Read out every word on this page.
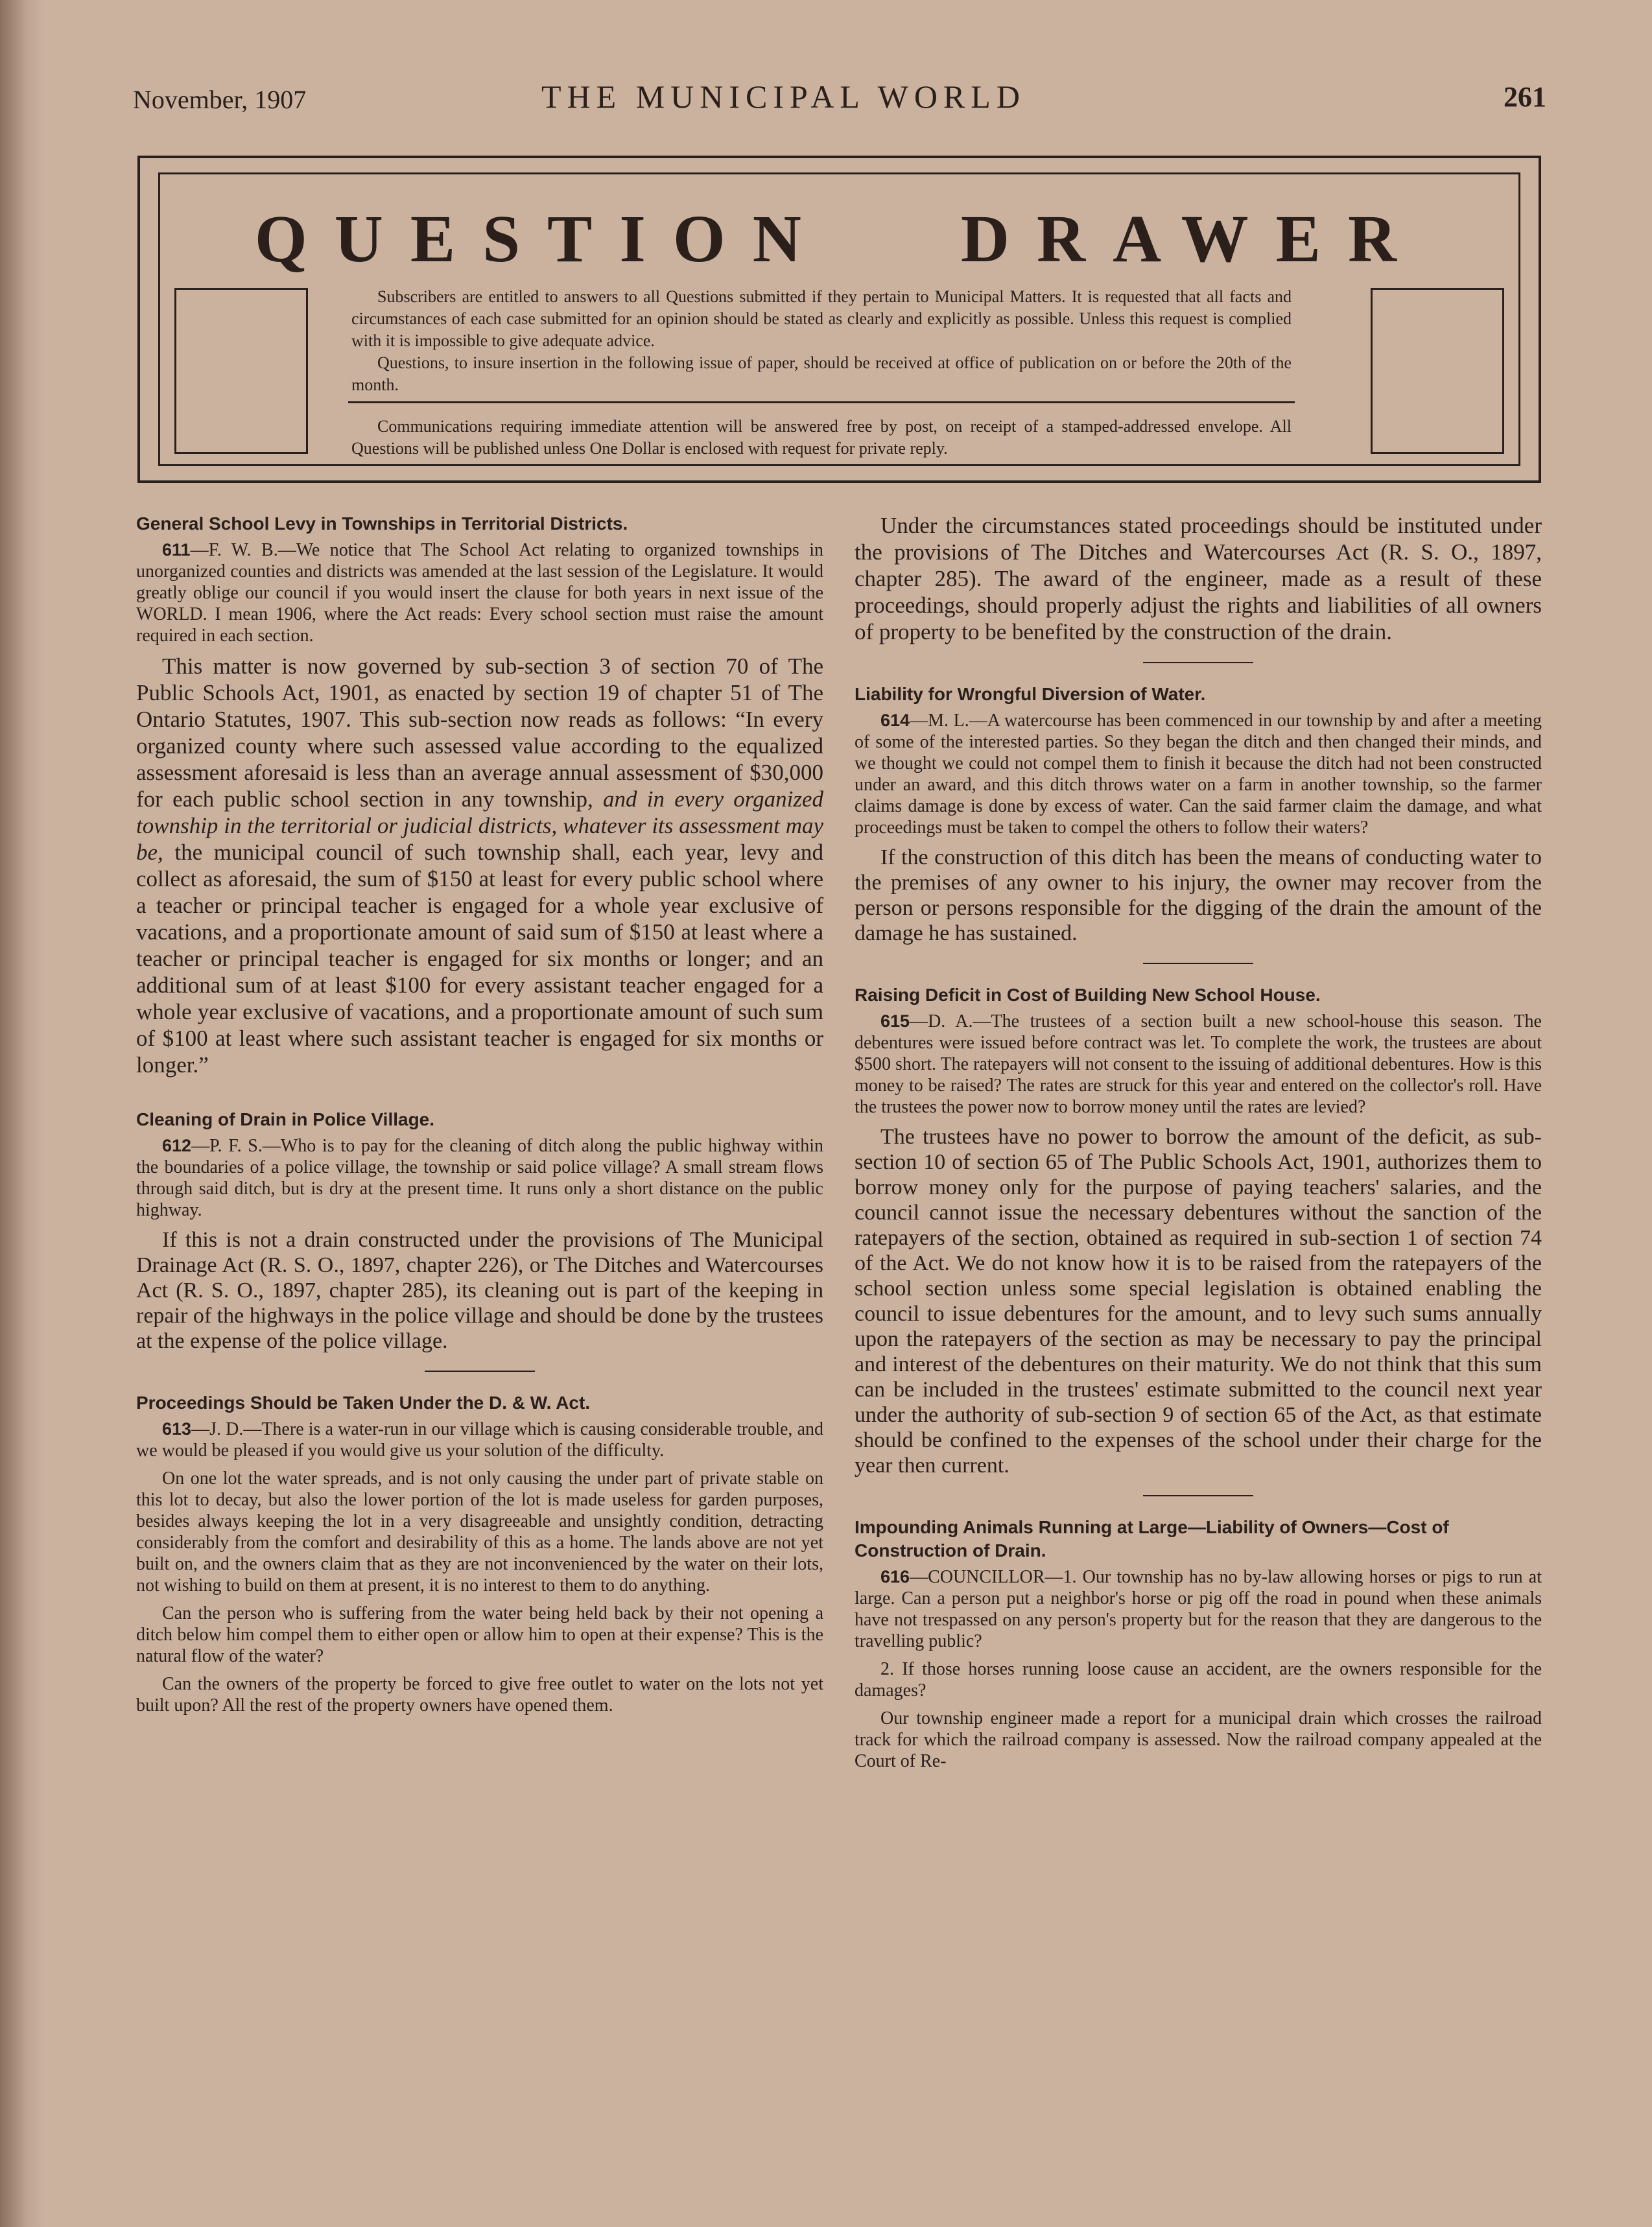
November, 1907	THE MUNICIPAL WORLD	261
QUESTION   DRAWER
Subscribers are entitled to answers to all Questions submitted if they pertain to Municipal Matters. It is requested that all facts and circumstances of each case submitted for an opinion should be stated as clearly and explicitly as possible. Unless this request is complied with it is impossible to give adequate advice.
Questions, to insure insertion in the following issue of paper, should be received at office of publication on or before the 20th of the month.
Communications requiring immediate attention will be answered free by post, on receipt of a stamped-addressed envelope. All Questions will be published unless One Dollar is enclosed with request for private reply.

General School Levy in Townships in Territorial Districts.

611—F. W. B.—We notice that The School Act relating to organized townships in unorganized counties and districts was amended at the last session of the Legislature. It would greatly oblige our council if you would insert the clause for both years in next issue of the WORLD. I mean 1906, where the Act reads: Every school section must raise the amount required in each section.

This matter is now governed by sub-section 3 of section 70 of The Public Schools Act, 1901, as enacted by section 19 of chapter 51 of The Ontario Statutes, 1907. This sub-section now reads as follows: “In every organized county where such assessed value according to the equalized assessment aforesaid is less than an average annual assessment of $30,000 for each public school section in any township, and in every organized township in the territorial or judicial districts, whatever its assessment may be, the municipal council of such township shall, each year, levy and collect as aforesaid, the sum of $150 at least for every public school where a teacher or principal teacher is engaged for a whole year exclusive of vacations, and a proportionate amount of said sum of $150 at least where a teacher or principal teacher is engaged for six months or longer; and an additional sum of at least $100 for every assistant teacher engaged for a whole year exclusive of vacations, and a proportionate amount of such sum of $100 at least where such assistant teacher is engaged for six months or longer.”

Cleaning of Drain in Police Village.

612—P. F. S.—Who is to pay for the cleaning of ditch along the public highway within the boundaries of a police village, the township or said police village? A small stream flows through said ditch, but is dry at the present time. It runs only a short distance on the public highway.

If this is not a drain constructed under the provisions of The Municipal Drainage Act (R. S. O., 1897, chapter 226), or The Ditches and Watercourses Act (R. S. O., 1897, chapter 285), its cleaning out is part of the keeping in repair of the highways in the police village and should be done by the trustees at the expense of the police village.

Proceedings Should be Taken Under the D. & W. Act.

613—J. D.—There is a water-run in our village which is causing considerable trouble, and we would be pleased if you would give us your solution of the difficulty.

On one lot the water spreads, and is not only causing the under part of private stable on this lot to decay, but also the lower portion of the lot is made useless for garden purposes, besides always keeping the lot in a very disagreeable and unsightly condition, detracting considerably from the comfort and desirability of this as a home. The lands above are not yet built on, and the owners claim that as they are not inconvenienced by the water on their lots, not wishing to build on them at present, it is no interest to them to do anything.

Can the person who is suffering from the water being held back by their not opening a ditch below him compel them to either open or allow him to open at their expense? This is the natural flow of the water?

Can the owners of the property be forced to give free outlet to water on the lots not yet built upon? All the rest of the property owners have opened them.

Under the circumstances stated proceedings should be instituted under the provisions of The Ditches and Watercourses Act (R. S. O., 1897, chapter 285). The award of the engineer, made as a result of these proceedings, should properly adjust the rights and liabilities of all owners of property to be benefited by the construction of the drain.

Liability for Wrongful Diversion of Water.

614—M. L.—A watercourse has been commenced in our township by and after a meeting of some of the interested parties. So they began the ditch and then changed their minds, and we thought we could not compel them to finish it because the ditch had not been constructed under an award, and this ditch throws water on a farm in another township, so the farmer claims damage is done by excess of water. Can the said farmer claim the damage, and what proceedings must be taken to compel the others to follow their waters?

If the construction of this ditch has been the means of conducting water to the premises of any owner to his injury, the owner may recover from the person or persons responsible for the digging of the drain the amount of the damage he has sustained.

Raising Deficit in Cost of Building New School House.

615—D. A.—The trustees of a section built a new school-house this season. The debentures were issued before contract was let. To complete the work, the trustees are about $500 short. The ratepayers will not consent to the issuing of additional debentures. How is this money to be raised? The rates are struck for this year and entered on the collector's roll. Have the trustees the power now to borrow money until the rates are levied?

The trustees have no power to borrow the amount of the deficit, as sub-section 10 of section 65 of The Public Schools Act, 1901, authorizes them to borrow money only for the purpose of paying teachers' salaries, and the council cannot issue the necessary debentures without the sanction of the ratepayers of the section, obtained as required in sub-section 1 of section 74 of the Act. We do not know how it is to be raised from the ratepayers of the school section unless some special legislation is obtained enabling the council to issue debentures for the amount, and to levy such sums annually upon the ratepayers of the section as may be necessary to pay the principal and interest of the debentures on their maturity. We do not think that this sum can be included in the trustees' estimate submitted to the council next year under the authority of sub-section 9 of section 65 of the Act, as that estimate should be confined to the expenses of the school under their charge for the year then current.

Impounding Animals Running at Large—Liability of Owners—Cost of Construction of Drain.

616—COUNCILLOR—1. Our township has no by-law allowing horses or pigs to run at large. Can a person put a neighbor's horse or pig off the road in pound when these animals have not trespassed on any person's property but for the reason that they are dangerous to the travelling public?

2. If those horses running loose cause an accident, are the owners responsible for the damages?

Our township engineer made a report for a municipal drain which crosses the railroad track for which the railroad company is assessed. Now the railroad company appealed at the Court of Re-
